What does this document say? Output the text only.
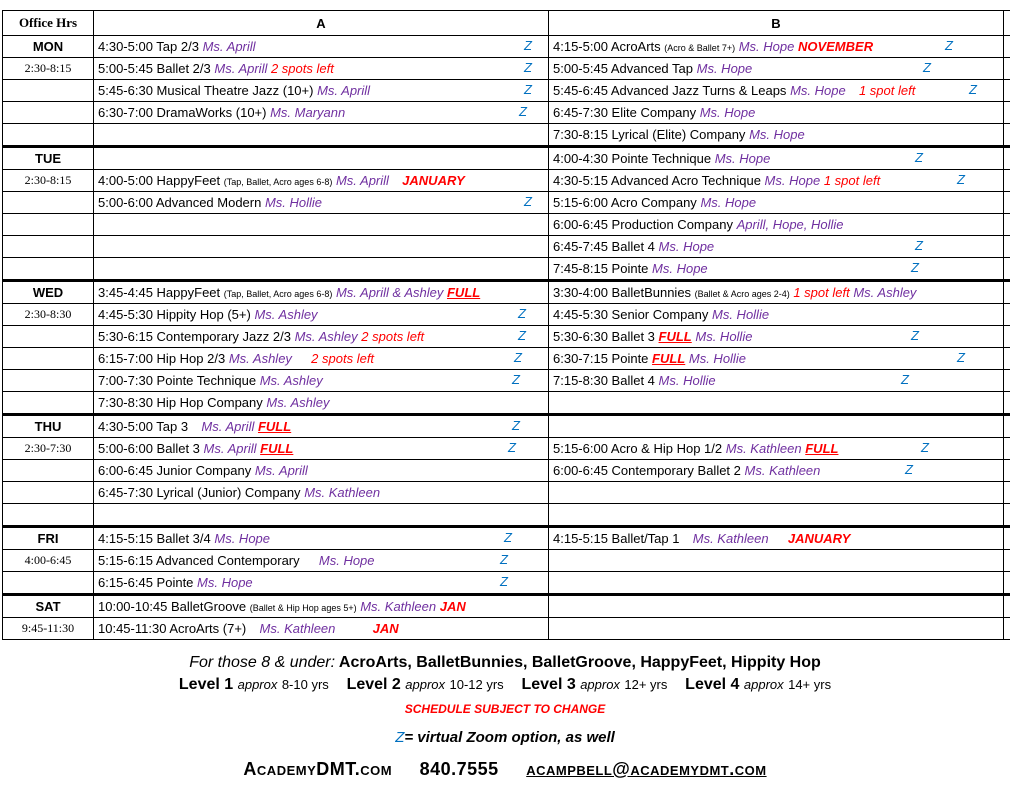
Office Hrs	A	B	
MON	4:30-5:00 Tap 2/3 Ms. Aprill Z	4:15-5:00 AcroArts (Acro & Ballet 7+) Ms. Hope NOVEMBER Z	

2:30-8:15	5:00-5:45 Ballet 2/3 Ms. Aprill 2 spots left Z	5:00-5:45 Advanced Tap Ms. Hope Z	

	5:45-6:30 Musical Theatre Jazz (10+) Ms. Aprill Z	5:45-6:45 Advanced Jazz Turns & Leaps Ms. Hope 1 spot left Z	

	6:30-7:00 DramaWorks (10+) Ms. Maryann Z	6:45-7:30 Elite Company Ms. Hope	
		7:30-8:15 Lyrical (Elite) Company Ms. Hope	
TUE		4:00-4:30 Pointe Technique Ms. Hope Z	

2:30-8:15	4:00-5:00 HappyFeet (Tap, Ballet, Acro ages 6-8) Ms. Aprill JANUARY	4:30-5:15 Advanced Acro Technique Ms. Hope 1 spot left Z	

	5:00-6:00 Advanced Modern Ms. Hollie Z	5:15-6:00 Acro Company Ms. Hope	
		6:00-6:45 Production Company Aprill, Hope, Hollie	
		6:45-7:45 Ballet 4 Ms. Hope Z	

		7:45-8:15 Pointe Ms. Hope Z	

WED	3:45-4:45 HappyFeet (Tap, Ballet, Acro ages 6-8) Ms. Aprill & Ashley FULL	3:30-4:00 BalletBunnies (Ballet & Acro ages 2-4) 1 spot left Ms. Ashley	
2:30-8:30	4:45-5:30 Hippity Hop (5+) Ms. Ashley Z	4:45-5:30 Senior Company Ms. Hollie	
	5:30-6:15 Contemporary Jazz 2/3 Ms. Ashley 2 spots left Z	5:30-6:30 Ballet 3 FULL Ms. Hollie Z	

	6:15-7:00 Hip Hop 2/3 Ms. Ashley 2 spots left Z	6:30-7:15 Pointe FULL Ms. Hollie Z	

	7:00-7:30 Pointe Technique Ms. Ashley Z	7:15-8:30 Ballet 4 Ms. Hollie Z	

	7:30-8:30 Hip Hop Company Ms. Ashley		
THU	4:30-5:00 Tap 3 Ms. Aprill FULL Z		

2:30-7:30	5:00-6:00 Ballet 3 Ms. Aprill FULL Z	5:15-6:00 Acro & Hip Hop 1/2 Ms. Kathleen FULL Z	

	6:00-6:45 Junior Company Ms. Aprill	6:00-6:45 Contemporary Ballet 2 Ms. Kathleen Z	

	6:45-7:30 Lyrical (Junior) Company Ms. Kathleen		

FRI	4:15-5:15 Ballet 3/4 Ms. Hope Z	4:15-5:15 Ballet/Tap 1 Ms. Kathleen JANUARY	
4:00-6:45	5:15-6:15 Advanced Contemporary Ms. Hope Z		

	6:15-6:45 Pointe Ms. Hope Z		

SAT	10:00-10:45 BalletGroove (Ballet & Hip Hop ages 5+) Ms. Kathleen JAN		
9:45-11:30	10:45-11:30 AcroArts (7+) Ms. Kathleen JAN		
For those 8 & under: AcroArts, BalletBunnies, BalletGroove, HappyFeet, Hippity Hop
Level 1 approx 8-10 yrs Level 2 approx 10-12 yrs Level 3 approx 12+ yrs Level 4 approx 14+ yrs
SCHEDULE SUBJECT TO CHANGE
Z= virtual Zoom option, as well
AcademyDMT.com 840.7555 acampbell@academydmt.com
